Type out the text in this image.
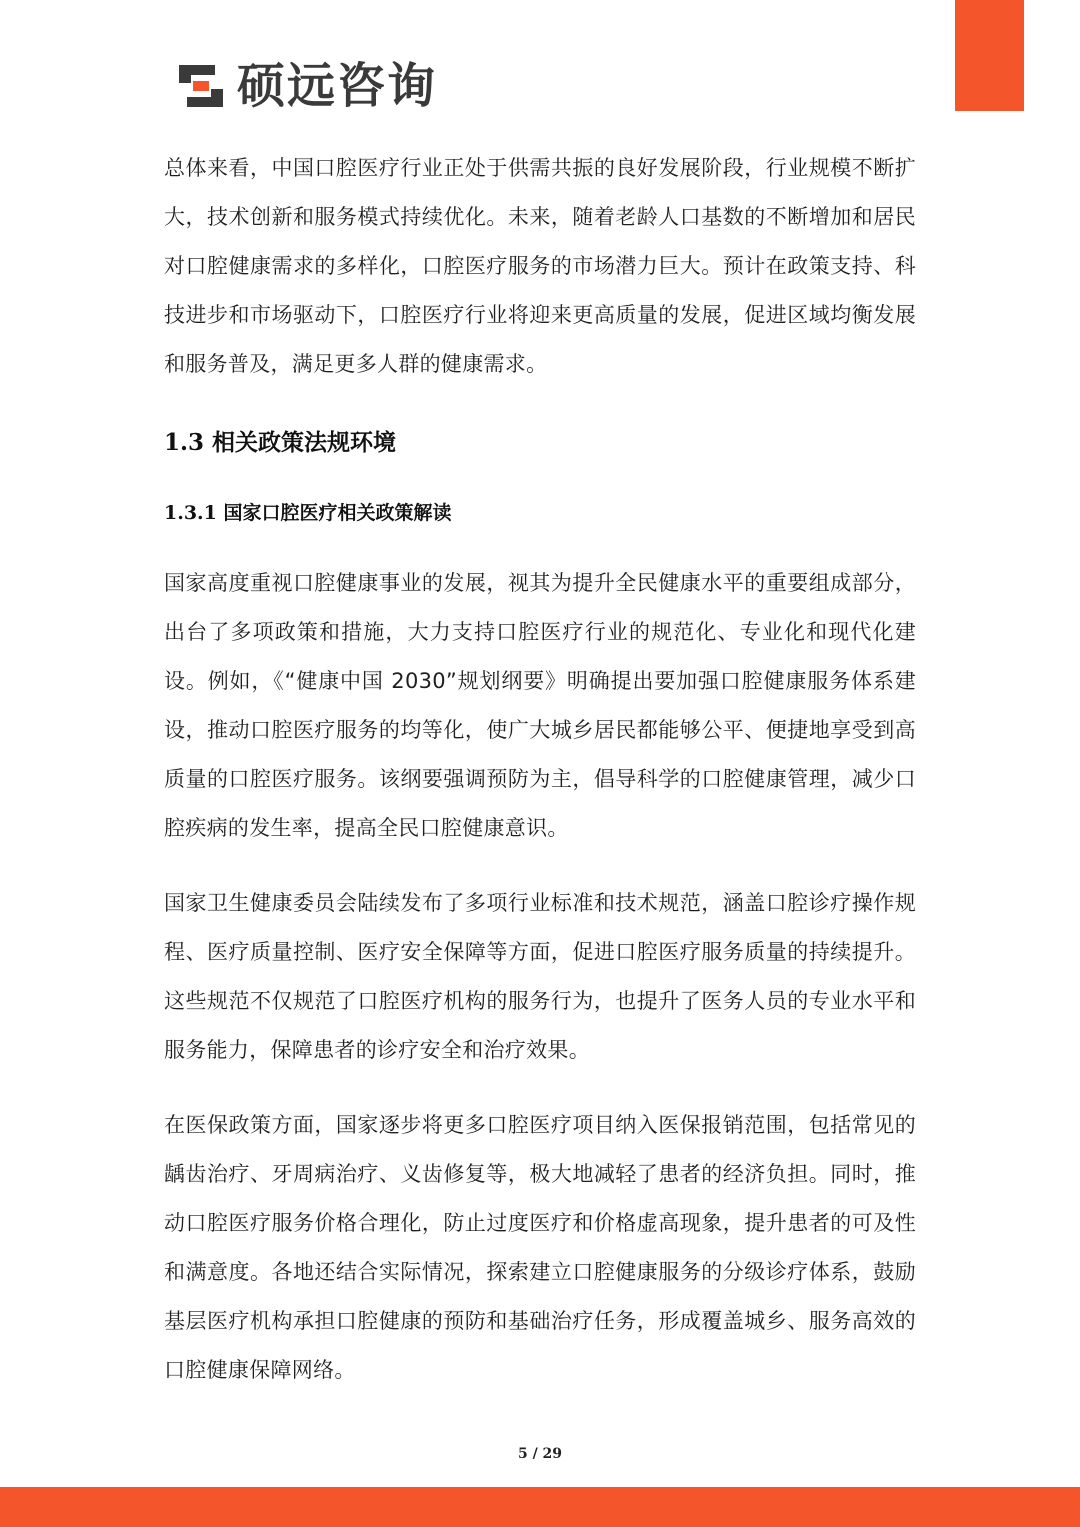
硕远咨询

总体来看，中国口腔医疗行业正处于供需共振的良好发展阶段，行业规模不断扩大，技术创新和服务模式持续优化。未来，随着老龄人口基数的不断增加和居民对口腔健康需求的多样化，口腔医疗服务的市场潜力巨大。预计在政策支持、科技进步和市场驱动下，口腔医疗行业将迎来更高质量的发展，促进区域均衡发展和服务普及，满足更多人群的健康需求。

1.3 相关政策法规环境
1.3.1 国家口腔医疗相关政策解读

国家高度重视口腔健康事业的发展，视其为提升全民健康水平的重要组成部分，出台了多项政策和措施，大力支持口腔医疗行业的规范化、专业化和现代化建设。例如，《“健康中国 2030”规划纲要》明确提出要加强口腔健康服务体系建设，推动口腔医疗服务的均等化，使广大城乡居民都能够公平、便捷地享受到高质量的口腔医疗服务。该纲要强调预防为主，倡导科学的口腔健康管理，减少口腔疾病的发生率，提高全民口腔健康意识。

国家卫生健康委员会陆续发布了多项行业标准和技术规范，涵盖口腔诊疗操作规程、医疗质量控制、医疗安全保障等方面，促进口腔医疗服务质量的持续提升。这些规范不仅规范了口腔医疗机构的服务行为，也提升了医务人员的专业水平和服务能力，保障患者的诊疗安全和治疗效果。

在医保政策方面，国家逐步将更多口腔医疗项目纳入医保报销范围，包括常见的龋齿治疗、牙周病治疗、义齿修复等，极大地减轻了患者的经济负担。同时，推动口腔医疗服务价格合理化，防止过度医疗和价格虚高现象，提升患者的可及性和满意度。各地还结合实际情况，探索建立口腔健康服务的分级诊疗体系，鼓励基层医疗机构承担口腔健康的预防和基础治疗任务，形成覆盖城乡、服务高效的口腔健康保障网络。

5 / 29
